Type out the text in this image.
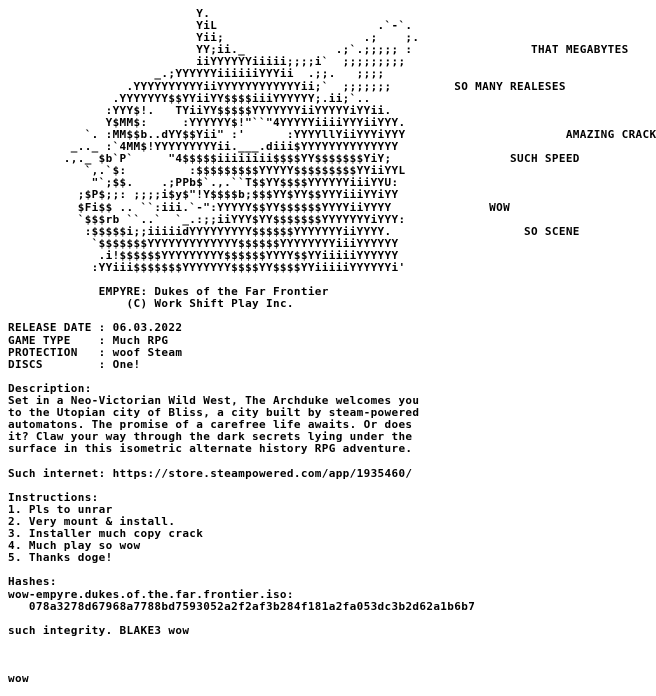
Y.
YiL                       .`-`.
Yii;                    .;    ;.
YY;ii._             .;`.;;;;; :	THAT MEGABYTES
iiYYYYYYiiiii;;;;i`  ;;;;;;;;;
_.;YYYYYYiiiiiiYYYii  .;;.   ;;;;
.YYYYYYYYYYiiYYYYYYYYYYYYii;`  ;;;;;;;	SO MANY REALESES
.YYYYYYY$$YYiiYY$$$$iiiYYYYYY;.ii;`..
:YYY$!.   TYiiYY$$$$$YYYYYYYiiYYYYYiYYii.
Y$MM$:     :YYYYYY$!"``"4YYYYYiiiiYYYiiYYY.
`. :MM$$b..dYY$$Yii" :'      :YYYYllYiiYYYiYYY	AMAZING CRACK
_.._ :`4MM$!YYYYYYYYYii.___.diii$YYYYYYYYYYYYYY
.,._ $b`P`     "4$$$$$iiiiiiii$$$$YY$$$$$$$YiY;	SUCH SPEED
`,.`$:         :$$$$$$$$$YYYYY$$$$$$$$$YYiiYYL
"`;$$.    .;PPb$`.,.``T$$YY$$$$YYYYYYiiiYYU:
;$P$;;: ;;;;i$y$"!Y$$$$b;$$$YY$YY$$YYYiiiYYiYY
$Fi$$ .. ``:iii.`-":YYYYY$$YY$$$$$$YYYYiiYYYY	WOW
`$$$rb ``..`  `_.:;;iiYYY$YY$$$$$$$YYYYYYYiYYY:
:$$$$$i;;iiiiidYYYYYYYYY$$$$$$YYYYYYYiiYYYY.	SO SCENE
`$$$$$$$YYYYYYYYYYYYY$$$$$$YYYYYYYYiiiYYYYYY
.i!$$$$$$YYYYYYYYY$$$$$$YYYY$$YYiiiiiYYYYYY
:YYiii$$$$$$$YYYYYYY$$$$YY$$$$YYiiiiiYYYYYYi'
EMPYRE: Dukes of the Far Frontier
(C) Work Shift Play Inc.
RELEASE DATE : 06.03.2022
GAME TYPE    : Much RPG
PROTECTION   : woof Steam
DISCS        : One!
Description:
Set in a Neo-Victorian Wild West, The Archduke welcomes you
to the Utopian city of Bliss, a city built by steam-powered
automatons. The promise of a carefree life awaits. Or does
it? Claw your way through the dark secrets lying under the
surface in this isometric alternate history RPG adventure.
Such internet: https://store.steampowered.com/app/1935460/
Instructions:
1. Pls to unrar
2. Very mount & install.
3. Installer much copy crack
4. Much play so wow
5. Thanks doge!
Hashes:
wow-empyre.dukes.of.the.far.frontier.iso:
078a3278d67968a7788bd7593052a2f2af3b284f181a2fa053dc3b2d62a1b6b7
such integrity. BLAKE3 wow
wow
